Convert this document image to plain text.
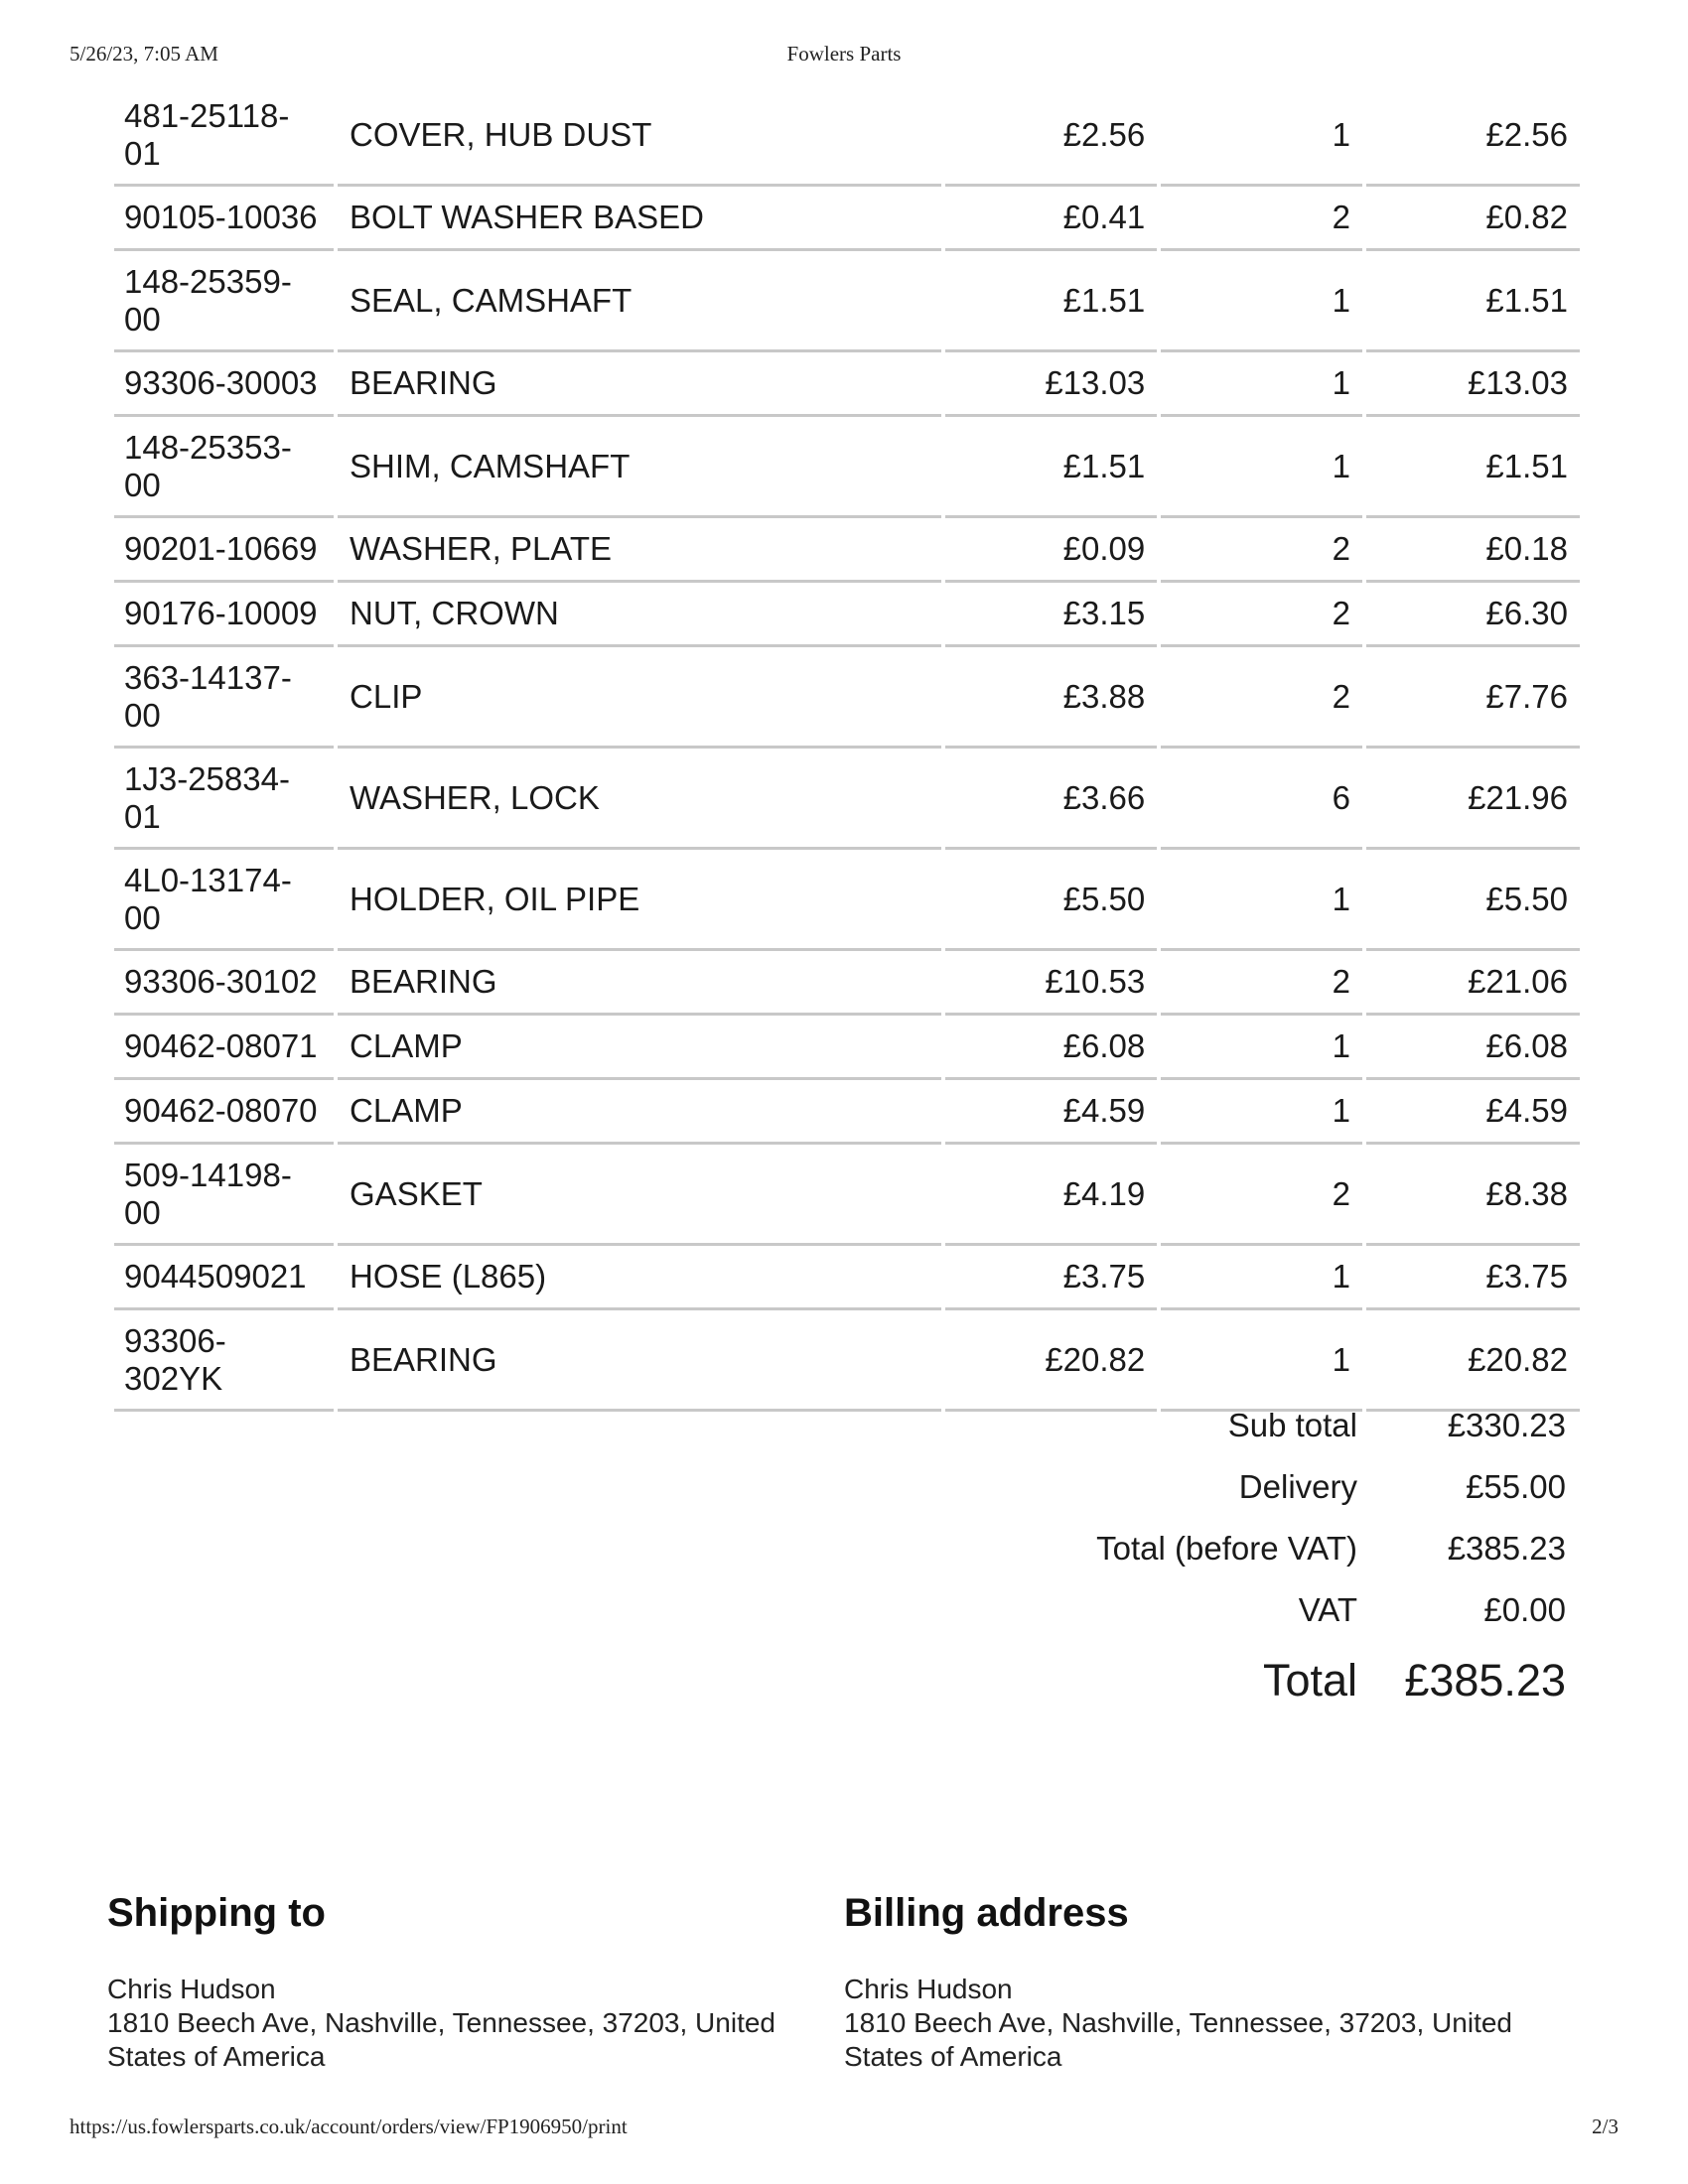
5/26/23, 7:05 AM	Fowlers Parts
481-25118-01	COVER, HUB DUST	£2.56	1	£2.56
90105-10036	BOLT WASHER BASED	£0.41	2	£0.82
148-25359-00	SEAL, CAMSHAFT	£1.51	1	£1.51
93306-30003	BEARING	£13.03	1	£13.03
148-25353-00	SHIM, CAMSHAFT	£1.51	1	£1.51
90201-10669	WASHER, PLATE	£0.09	2	£0.18
90176-10009	NUT, CROWN	£3.15	2	£6.30
363-14137-00	CLIP	£3.88	2	£7.76
1J3-25834-01	WASHER, LOCK	£3.66	6	£21.96
4L0-13174-00	HOLDER, OIL PIPE	£5.50	1	£5.50
93306-30102	BEARING	£10.53	2	£21.06
90462-08071	CLAMP	£6.08	1	£6.08
90462-08070	CLAMP	£4.59	1	£4.59
509-14198-00	GASKET	£4.19	2	£8.38
9044509021	HOSE (L865)	£3.75	1	£3.75
93306-302YK	BEARING	£20.82	1	£20.82
Sub total	£330.23
Delivery	£55.00
Total (before VAT)	£385.23
VAT	£0.00
Total £385.23
Shipping to
Chris Hudson
1810 Beech Ave, Nashville, Tennessee, 37203, United
States of America
Billing address
Chris Hudson
1810 Beech Ave, Nashville, Tennessee, 37203, United
States of America
https://us.fowlersparts.co.uk/account/orders/view/FP1906950/print	2/3
